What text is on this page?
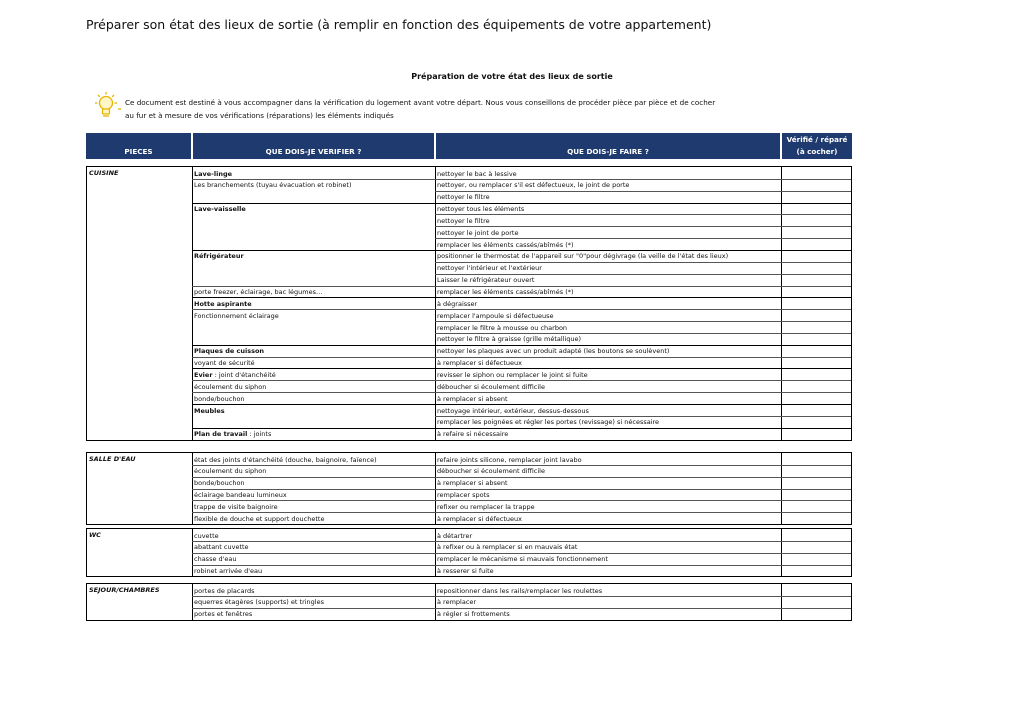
Préparer son état des lieux de sortie (à remplir en fonction des équipements de votre appartement)
Préparation de votre état des lieux de sortie
Ce document est destiné à vous accompagner dans la vérification du logement avant votre départ. Nous vous conseillons de procéder pièce par pièce et de cocher
au fur et à mesure de vos vérifications (réparations) les éléments indiqués
PIECES	QUE DOIS-JE VERIFIER ?	QUE DOIS-JE FAIRE ?
Vérifié / réparé
(à cocher)
CUISINE	Lave-linge	nettoyer le bac à lessive
Les branchements (tuyau évacuation et robinet)	nettoyer, ou remplacer s'il est défectueux, le joint de porte
nettoyer le filtre
Lave-vaisselle	nettoyer tous les éléments
nettoyer le filtre
nettoyer le joint de porte
remplacer les éléments cassés/abîmés (*)
Réfrigérateur	positionner le thermostat de l'appareil sur "0"pour dégivrage (la veille de l'état des lieux)
nettoyer l'intérieur et l'extérieur
Laisser le réfrigérateur ouvert
porte freezer, éclairage, bac légumes…	remplacer les éléments cassés/abîmés (*)
Hotte aspirante	à dégraisser
Fonctionnement éclairage	remplacer l'ampoule si défectueuse
remplacer le filtre à mousse ou charbon
nettoyer le filtre à graisse (grille métallique)
Plaques de cuisson	nettoyer les plaques avec un produit adapté (les boutons se soulèvent)
voyant de sécurité	à remplacer si défectueux
Evier : joint d'étanchéité	revisser le siphon ou remplacer le joint si fuite
écoulement du siphon	déboucher si écoulement difficile
bonde/bouchon	à remplacer si absent
Meubles	nettoyage intérieur, extérieur, dessus-dessous
remplacer les poignées et régler les portes (revissage) si nécessaire
Plan de travail : joints	à refaire si nécessaire
SALLE D'EAU	état des joints d'étanchéité (douche, baignoire, faïence)	refaire joints silicone, remplacer joint lavabo
écoulement du siphon	déboucher si écoulement difficile
bonde/bouchon	à remplacer si absent
éclairage bandeau lumineux	remplacer spots
trappe de visite baignoire	refixer ou remplacer la trappe
flexible de douche et support douchette	à remplacer si défectueux
WC	cuvette	à détartrer
abattant cuvette	à refixer ou à remplacer si en mauvais état
chasse d'eau	remplacer le mécanisme si mauvais fonctionnement
robinet arrivée d'eau	à resserer si fuite
SEJOUR/CHAMBRES	portes de placards	repositionner dans les rails/remplacer les roulettes
equerres étagères (supports) et tringles	à remplacer
portes et fenêtres	à régler si frottements
